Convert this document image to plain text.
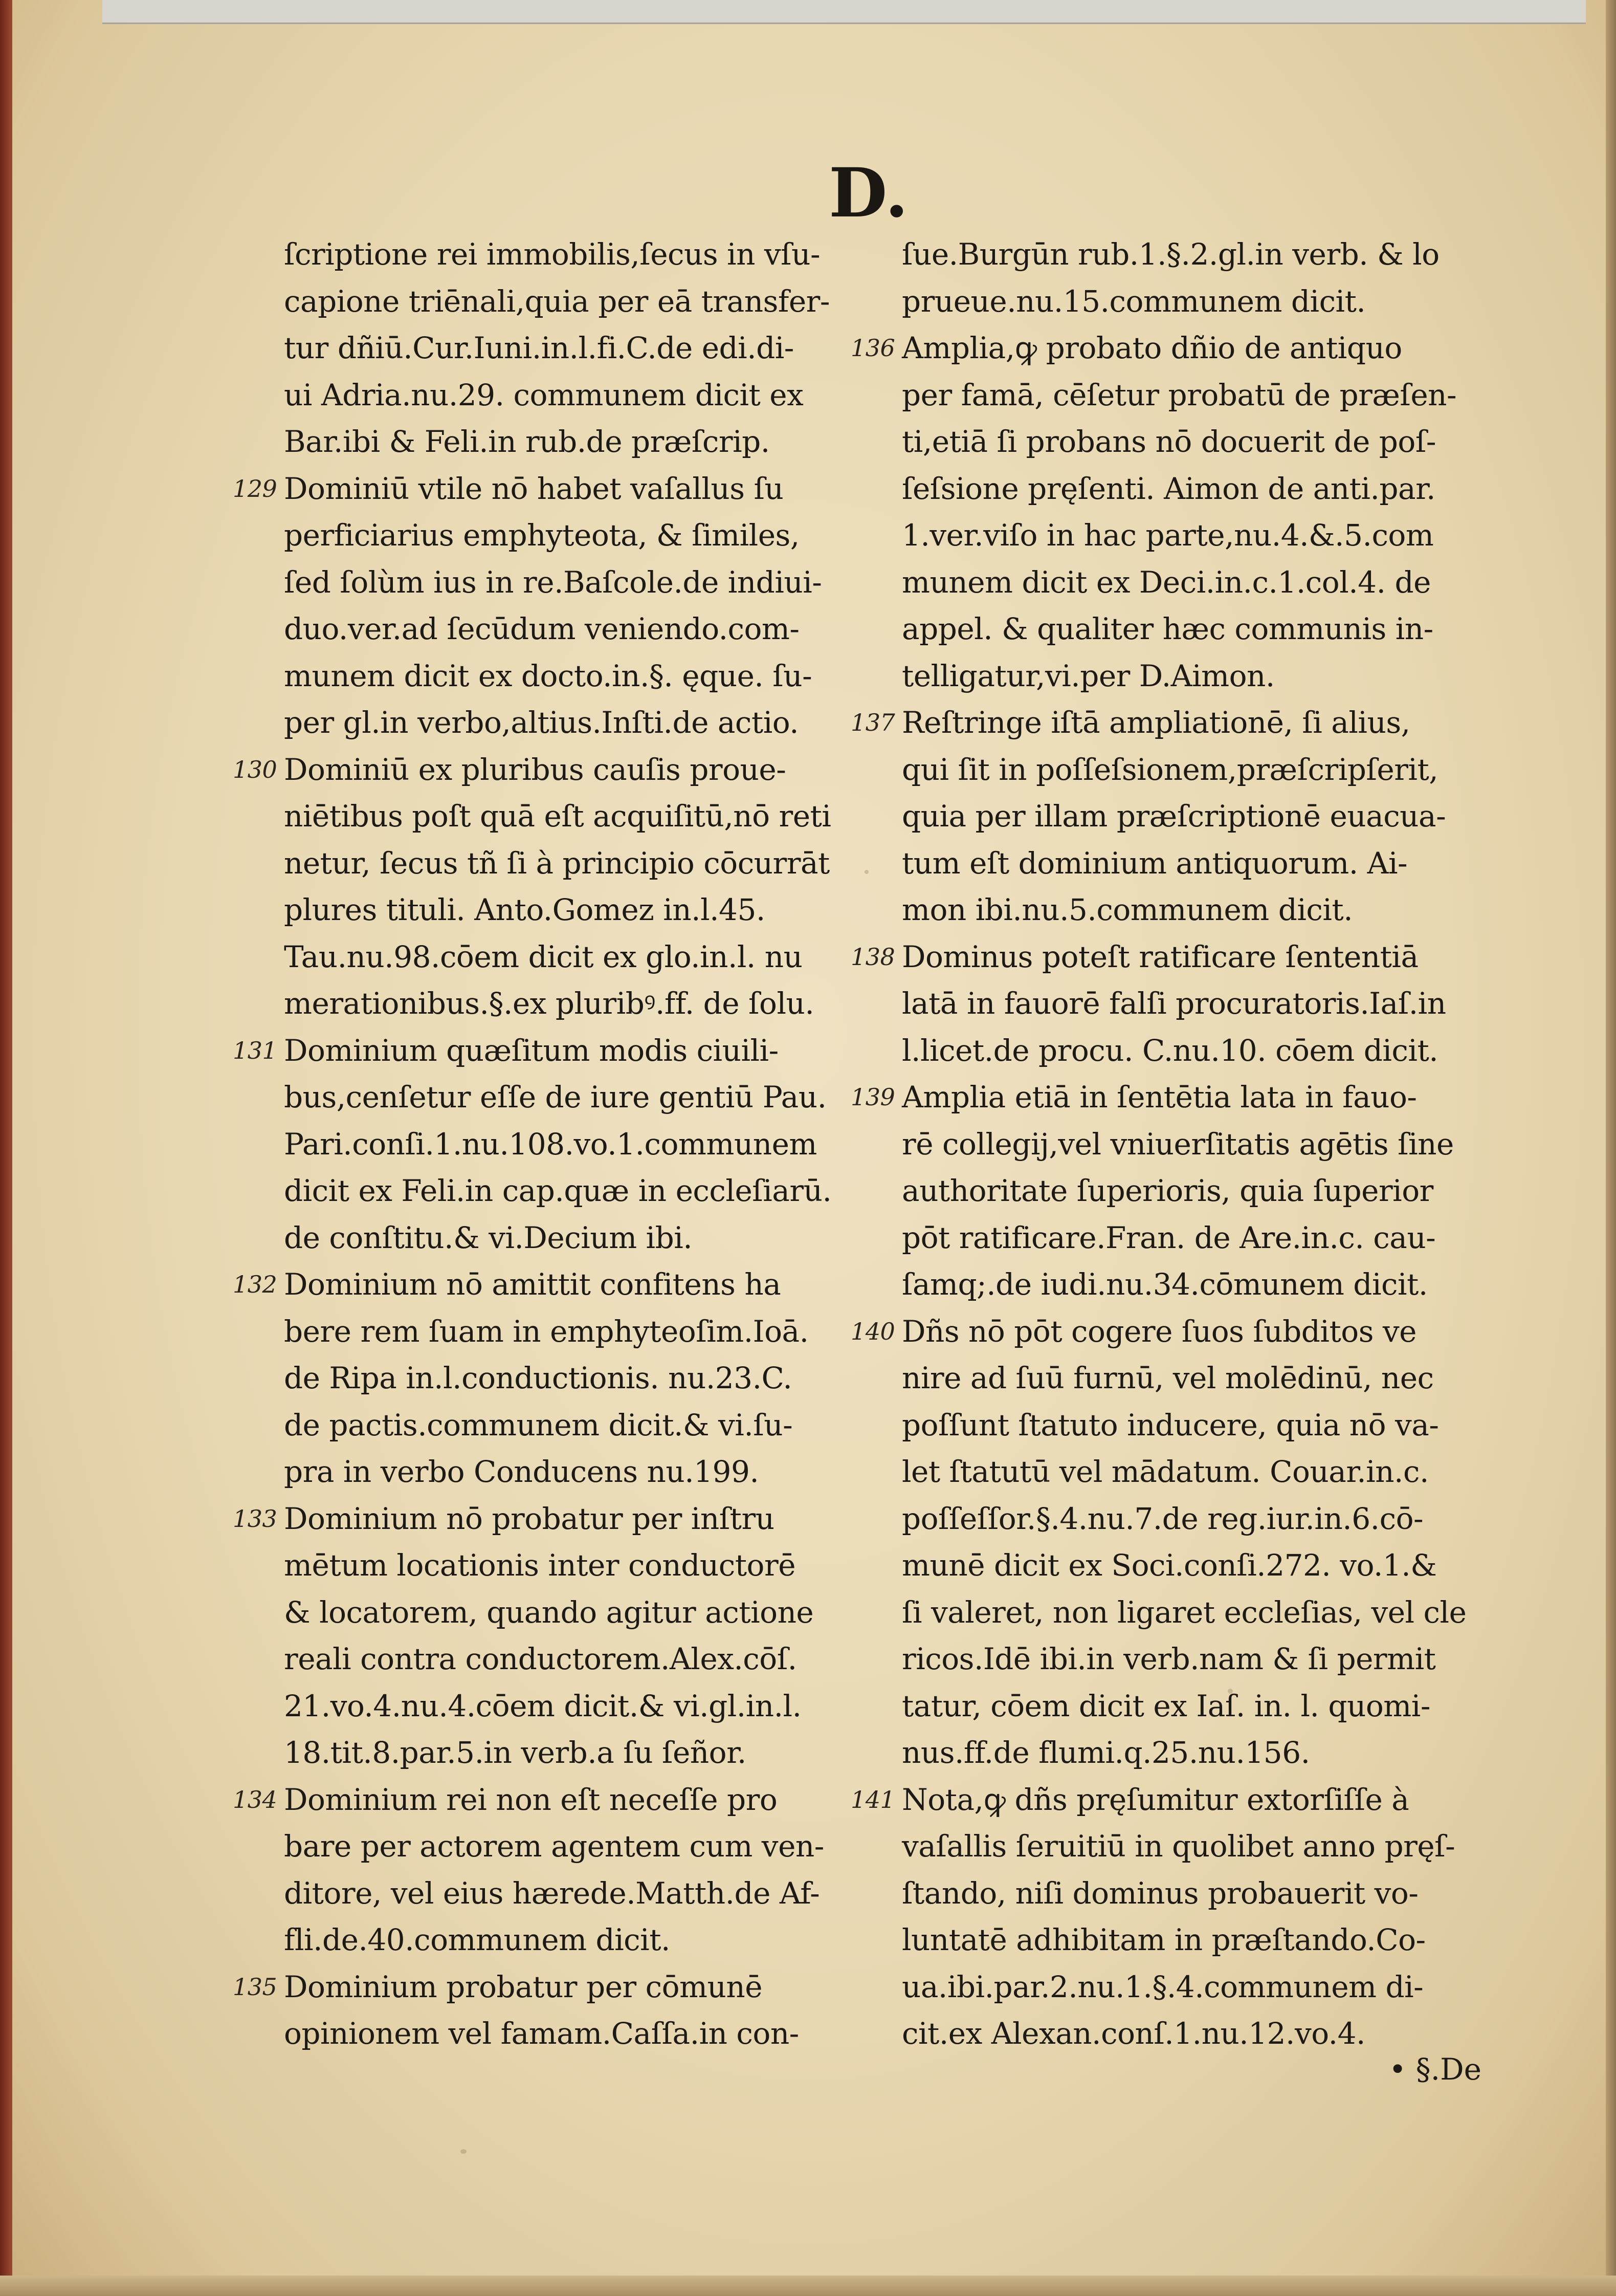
D.
ſcriptione rei immobilis,ſecus in vſu-
capione triēnali,quia per eā transfer-
tur dñiū.Cur.Iuni.in.l.fi.C.de edi.di-
ui Adria.nu.29. communem dicit ex
Bar.ibi & Feli.in rub.de præſcrip.
129 Dominiū vtile nō habet vaſallus ſu
perficiarius emphyteota, & ſimiles,
ſed ſolùm ius in re.Baſcole.de indiui-
duo.ver.ad ſecūdum veniendo.com-
munem dicit ex docto.in.§. ęque. ſu-
per gl.in verbo,altius.Inſti.de actio.
130 Dominiū ex pluribus cauſis proue-
niētibus poſt quā eſt acquiſitū,nō reti
netur, ſecus tñ ſi à principio cōcurrāt
plures tituli. Anto.Gomez in.l.45.
Tau.nu.98.cōem dicit ex glo.in.l. nu
merationibus.§.ex pluribꝰ.ff. de ſolu.
131 Dominium quæſitum modis ciuili-
bus,cenſetur eſſe de iure gentiū Pau.
Pari.conſi.1.nu.108.vo.1.communem
dicit ex Feli.in cap.quæ in eccleſiarū.
de conſtitu.& vi.Decium ibi.
132 Dominium nō amittit confitens ha
bere rem ſuam in emphyteoſim.Ioā.
de Ripa in.l.conductionis. nu.23.C.
de pactis.communem dicit.& vi.ſu-
pra in verbo Conducens nu.199.
133 Dominium nō probatur per inſtru
mētum locationis inter conductorē
& locatorem, quando agitur actione
reali contra conductorem.Alex.cōſ.
21.vo.4.nu.4.cōem dicit.& vi.gl.in.l.
18.tit.8.par.5.in verb.a ſu ſeñor.
134 Dominium rei non eſt neceſſe pro
bare per actorem agentem cum ven-
ditore, vel eius hærede.Matth.de Af-
fli.de.40.communem dicit.
135 Dominium probatur per cōmunē
opinionem vel famam.Caſſa.in con-
ſue.Burgūn rub.1.§.2.gl.in verb. & lo
prueue.nu.15.communem dicit.
136 Amplia,ꝙ probato dñio de antiquo
per famā, cēſetur probatū de præſen-
ti,etiā ſi probans nō docuerit de poſ-
ſeſsione pręſenti. Aimon de anti.par.
1.ver.viſo in hac parte,nu.4.&.5.com
munem dicit ex Deci.in.c.1.col.4. de
appel. & qualiter hæc communis in-
telligatur,vi.per D.Aimon.
137 Reſtringe iſtā ampliationē, ſi alius,
qui ſit in poſſeſsionem,præſcripſerit,
quia per illam præſcriptionē euacua-
tum eſt dominium antiquorum. Ai-
mon ibi.nu.5.communem dicit.
138 Dominus poteſt ratificare ſententiā
latā in fauorē falſi procuratoris.Iaſ.in
l.licet.de procu. C.nu.10. cōem dicit.
139 Amplia etiā in ſentētia lata in fauo-
rē collegij,vel vniuerſitatis agētis ſine
authoritate ſuperioris, quia ſuperior
pōt ratificare.Fran. de Are.in.c. cau-
ſamq;.de iudi.nu.34.cōmunem dicit.
140 Dñs nō pōt cogere ſuos ſubditos ve
nire ad ſuū furnū, vel molēdinū, nec
poſſunt ſtatuto inducere, quia nō va-
let ſtatutū vel mādatum. Couar.in.c.
poſſeſſor.§.4.nu.7.de reg.iur.in.6.cō-
munē dicit ex Soci.conſi.272. vo.1.&
ſi valeret, non ligaret eccleſias, vel cle
ricos.Idē ibi.in verb.nam & ſi permit
tatur, cōem dicit ex Iaſ. in. l. quomi-
nus.ff.de flumi.q.25.nu.156.
141 Nota,ꝙ dñs pręſumitur extorſiſſe à
vaſallis ſeruitiū in quolibet anno pręſ-
ſtando, niſi dominus probauerit vo-
luntatē adhibitam in præſtando.Co-
ua.ibi.par.2.nu.1.§.4.communem di-
cit.ex Alexan.conſ.1.nu.12.vo.4.
• §.De
